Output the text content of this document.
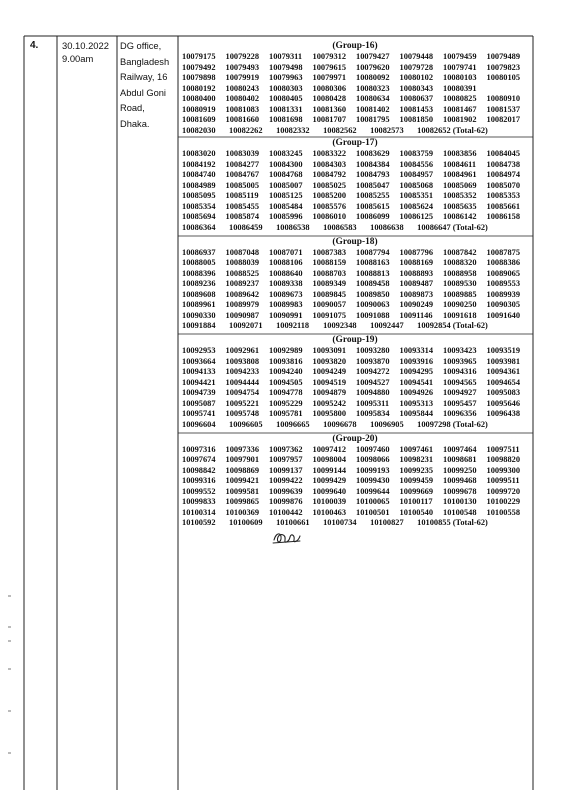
4.	30.10.2022
9.00am
DG office,
Bangladesh
Railway, 16
Abdul Goni
Road,
Dhaka.
(Group-16)
10079175	10079228	10079311	10079312	10079427	10079448	10079459	10079489
10079492	10079493	10079498	10079615	10079620	10079728	10079741	10079823
10079898	10079919	10079963	10079971	10080092	10080102	10080103	10080105
10080192	10080243	10080303	10080306	10080323	10080343	10080391
10080400	10080402	10080405	10080428	10080634	10080637	10080825	10080910
10080919	10081083	10081331	10081360	10081402	10081453	10081467	10081537
10081609	10081660	10081698	10081707	10081795	10081850	10081902	10082017
10082030	10082262	10082332	10082562	10082573	10082652 (Total-62)
(Group-17)
10083020	10083039	10083245	10083322	10083629	10083759	10083856	10084045
10084192	10084277	10084300	10084303	10084384	10084556	10084611	10084738
10084740	10084767	10084768	10084792	10084793	10084957	10084961	10084974
10084989	10085005	10085007	10085025	10085047	10085068	10085069	10085070
10085095	10085119	10085125	10085200	10085255	10085351	10085352	10085353
10085354	10085455	10085484	10085576	10085615	10085624	10085635	10085661
10085694	10085874	10085996	10086010	10086099	10086125	10086142	10086158
10086364	10086459	10086538	10086583	10086638	10086647 (Total-62)
(Group-18)
10086937	10087048	10087071	10087383	10087794	10087796	10087842	10087875
10088005	10088039	10088106	10088159	10088163	10088169	10088320	10088386
10088396	10088525	10088640	10088703	10088813	10088893	10088958	10089065
10089236	10089237	10089338	10089349	10089458	10089487	10089530	10089553
10089608	10089642	10089673	10089845	10089850	10089873	10089885	10089939
10089961	10089979	10089983	10090057	10090063	10090249	10090250	10090305
10090330	10090987	10090991	10091075	10091088	10091146	10091618	10091640
10091884	10092071	10092118	10092348	10092447	10092854 (Total-62)
(Group-19)
10092953	10092961	10092989	10093091	10093280	10093314	10093423	10093519
10093664	10093808	10093816	10093820	10093870	10093916	10093965	10093981
10094133	10094233	10094240	10094249	10094272	10094295	10094316	10094361
10094421	10094444	10094505	10094519	10094527	10094541	10094565	10094654
10094739	10094754	10094778	10094879	10094880	10094926	10094927	10095083
10095087	10095221	10095229	10095242	10095311	10095313	10095457	10095646
10095741	10095748	10095781	10095800	10095834	10095844	10096356	10096438
10096604	10096605	10096665	10096678	10096905	10097298 (Total-62)
(Group-20)
10097316	10097336	10097362	10097412	10097460	10097461	10097464	10097511
10097674	10097901	10097957	10098004	10098066	10098231	10098681	10098820
10098842	10098869	10099137	10099144	10099193	10099235	10099250	10099300
10099316	10099421	10099422	10099429	10099430	10099459	10099468	10099511
10099552	10099581	10099639	10099640	10099644	10099669	10099678	10099720
10099833	10099865	10099876	10100039	10100065	10100117	10100130	10100229
10100314	10100369	10100442	10100463	10100501	10100540	10100548	10100558
10100592	10100609	10100661	10100734	10100827	10100855 (Total-62)
